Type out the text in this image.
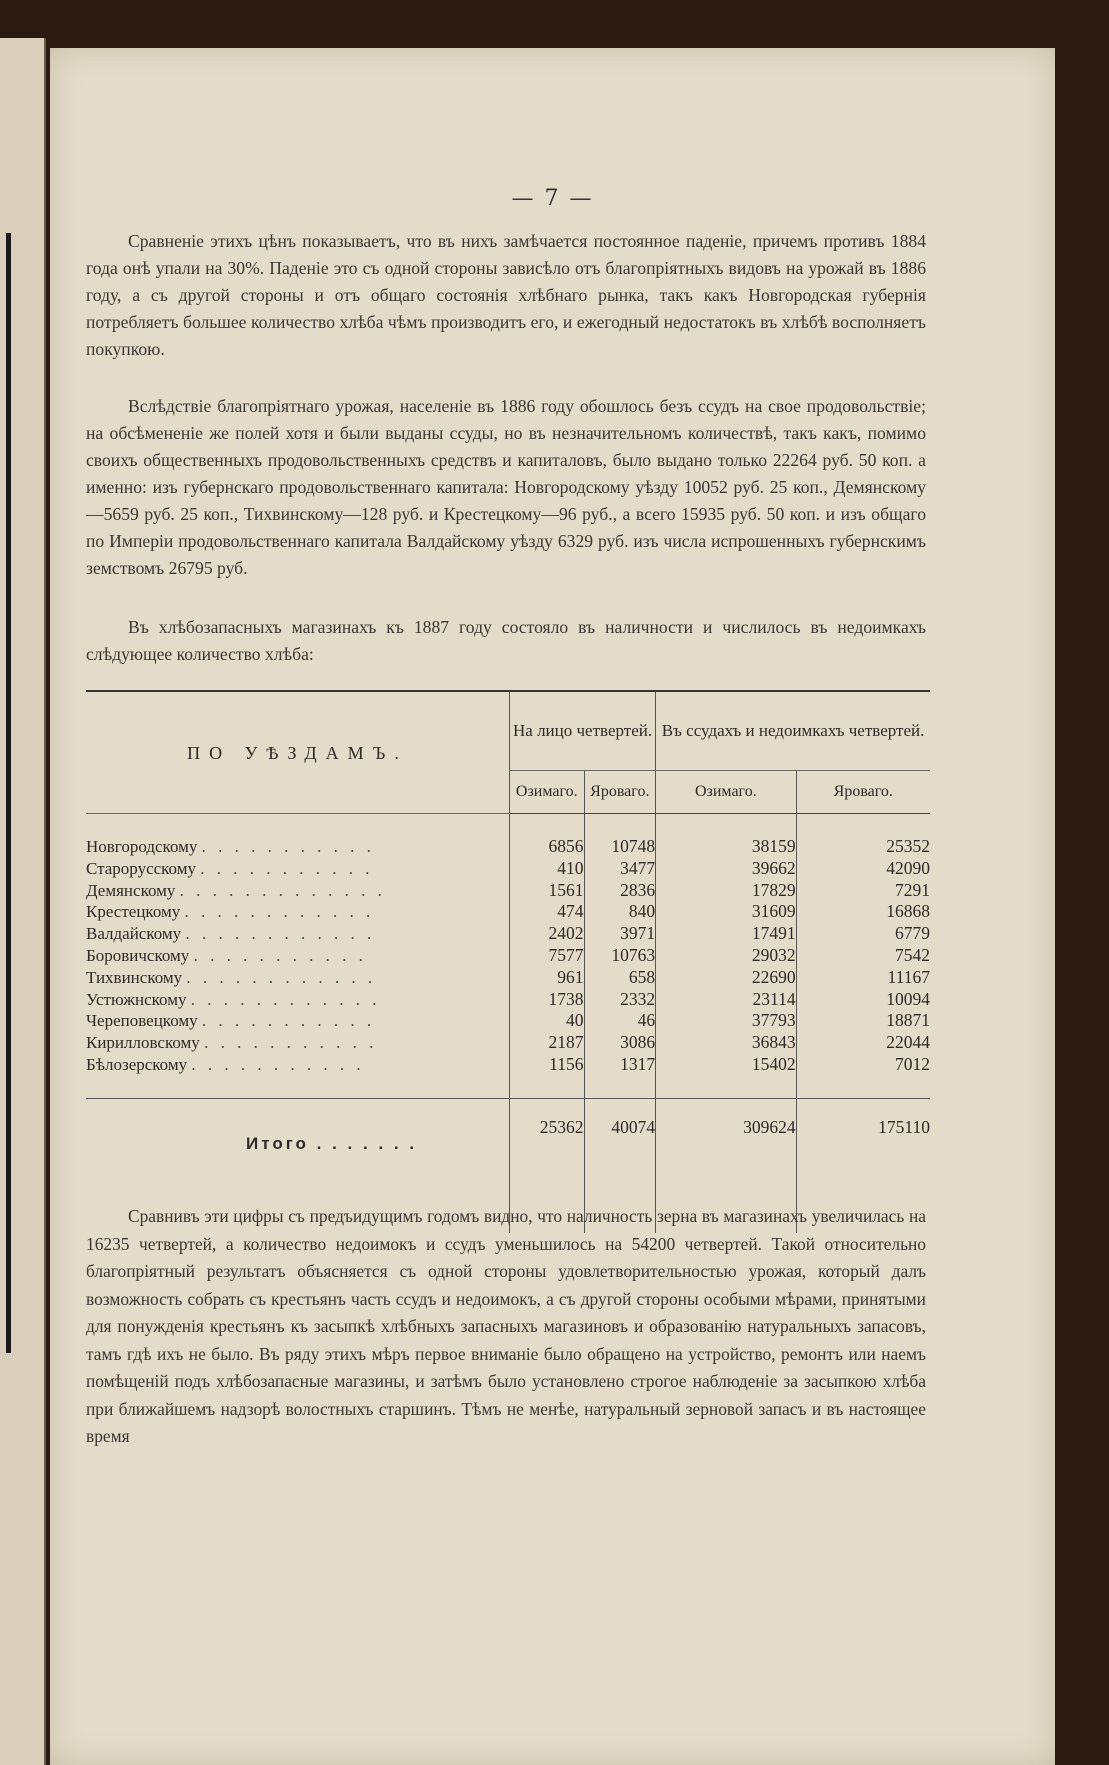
— 7 —
Сравненіе этихъ цѣнъ показываетъ, что въ нихъ замѣчается постоянное паденіе, причемъ противъ 1884 года онѣ упали на 30%. Паденіе это съ одной стороны зависѣло отъ благопріятныхъ видовъ на урожай въ 1886 году, а съ другой стороны и отъ общаго состоянія хлѣбнаго рынка, такъ какъ Новгородская губернія потребляетъ большее количество хлѣба чѣмъ производитъ его, и ежегодный недостатокъ въ хлѣбѣ восполняетъ покупкою.
Вслѣдствіе благопріятнаго урожая, населеніе въ 1886 году обошлось безъ ссудъ на свое продовольствіе; на обсѣмененіе же полей хотя и были выданы ссуды, но въ незначительномъ количествѣ, такъ какъ, помимо своихъ общественныхъ продовольственныхъ средствъ и капиталовъ, было выдано только 22264 руб. 50 коп. а именно: изъ губернскаго продовольственнаго капитала: Новгородскому уѣзду 10052 руб. 25 коп., Демянскому—5659 руб. 25 коп., Тихвинскому—128 руб. и Крестецкому—96 руб., а всего 15935 руб. 50 коп. и изъ общаго по Имперіи продовольственнаго капитала Валдайскому уѣзду 6329 руб. изъ числа испрошенныхъ губернскимъ земствомъ 26795 руб.
Въ хлѣбозапасныхъ магазинахъ къ 1887 году состояло въ наличности и числилось въ недоимкахъ слѣдующее количество хлѣба:
ПО УѢЗДАМЪ.	На лицо четвертей.		Въ ссудахъ и недоимкахъ четвертей.	
	Озимаго.	Яроваго.	Озимаго.	Яроваго.

Новгородскому . . . . . . . . . . .	6856	10748	38159	25352
Старорусскому . . . . . . . . . . .	410	3477	39662	42090
Демянскому . . . . . . . . . . . . .	1561	2836	17829	7291
Крестецкому . . . . . . . . . . . .	474	840	31609	16868
Валдайскому . . . . . . . . . . . .	2402	3971	17491	6779
Боровичскому . . . . . . . . . . .	7577	10763	29032	7542
Тихвинскому . . . . . . . . . . . .	961	658	22690	11167
Устюжнскому . . . . . . . . . . . .	1738	2332	23114	10094
Череповецкому . . . . . . . . . . .	40	46	37793	18871
Кирилловскому . . . . . . . . . . .	2187	3086	36843	22044
Бѣлозерскому . . . . . . . . . . .	1156	1317	15402	7012

Итого . . . . . . .	25362	40074	309624	175110

Сравнивъ эти цифры съ предъидущимъ годомъ видно, что наличность зерна въ магазинахъ увеличилась на 16235 четвертей, а количество недоимокъ и ссудъ уменьшилось на 54200 четвертей. Такой относительно благопріятный результатъ объясняется съ одной стороны удовлетворительностью урожая, который далъ возможность собрать съ крестьянъ часть ссудъ и недоимокъ, а съ другой стороны особыми мѣрами, принятыми для понужденія крестьянъ къ засыпкѣ хлѣбныхъ запасныхъ магазиновъ и образованію натуральныхъ запасовъ, тамъ гдѣ ихъ не было. Въ ряду этихъ мѣръ первое вниманіе было обращено на устройство, ремонтъ или наемъ помѣщеній подъ хлѣбозапасные магазины, и затѣмъ было установлено строгое наблюденіе за засыпкою хлѣба при ближайшемъ надзорѣ волостныхъ старшинъ. Тѣмъ не менѣе, натуральный зерновой запасъ и въ настоящее время
